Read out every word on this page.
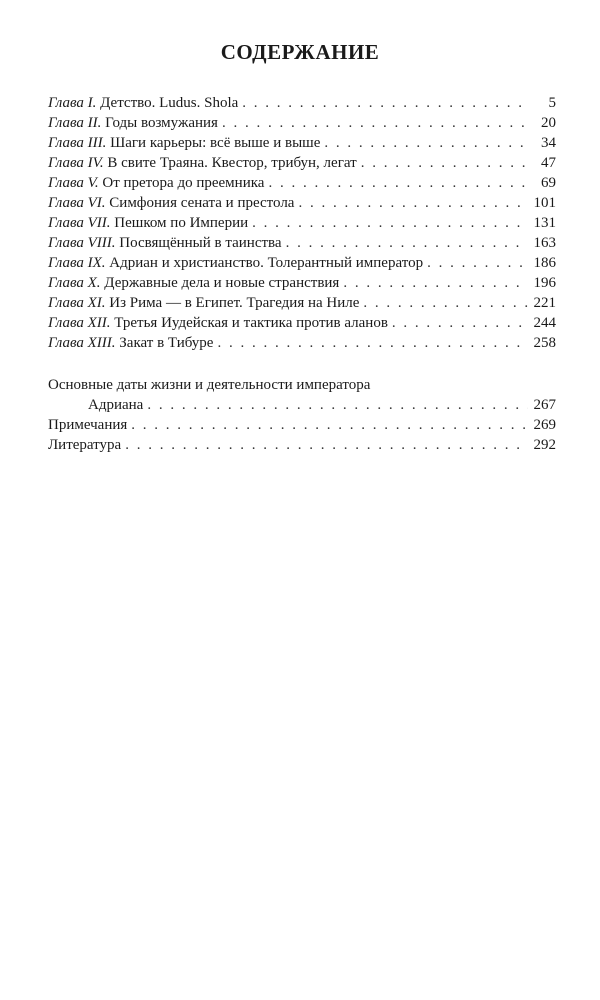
СОДЕРЖАНИЕ
Глава I. Детство. Ludus. Shola . . .	5
Глава II. Годы возмужания . . .	20
Глава III. Шаги карьеры: всё выше и выше . . .	34
Глава IV. В свите Траяна. Квестор, трибун, легат . . .	47
Глава V. От претора до преемника . . .	69
Глава VI. Симфония сената и престола . . .	101
Глава VII. Пешком по Империи . . .	131
Глава VIII. Посвящённый в таинства . . .	163
Глава IX. Адриан и христианство. Толерантный император . . .	186
Глава X. Державные дела и новые странствия . . .	196
Глава XI. Из Рима — в Египет. Трагедия на Ниле . . .	221
Глава XII. Третья Иудейская и тактика против аланов . . .	244
Глава XIII. Закат в Тибуре . . .	258
Основные даты жизни и деятельности императора
Адриана . . .	267
Примечания . . .	269
Литература . . .	292
